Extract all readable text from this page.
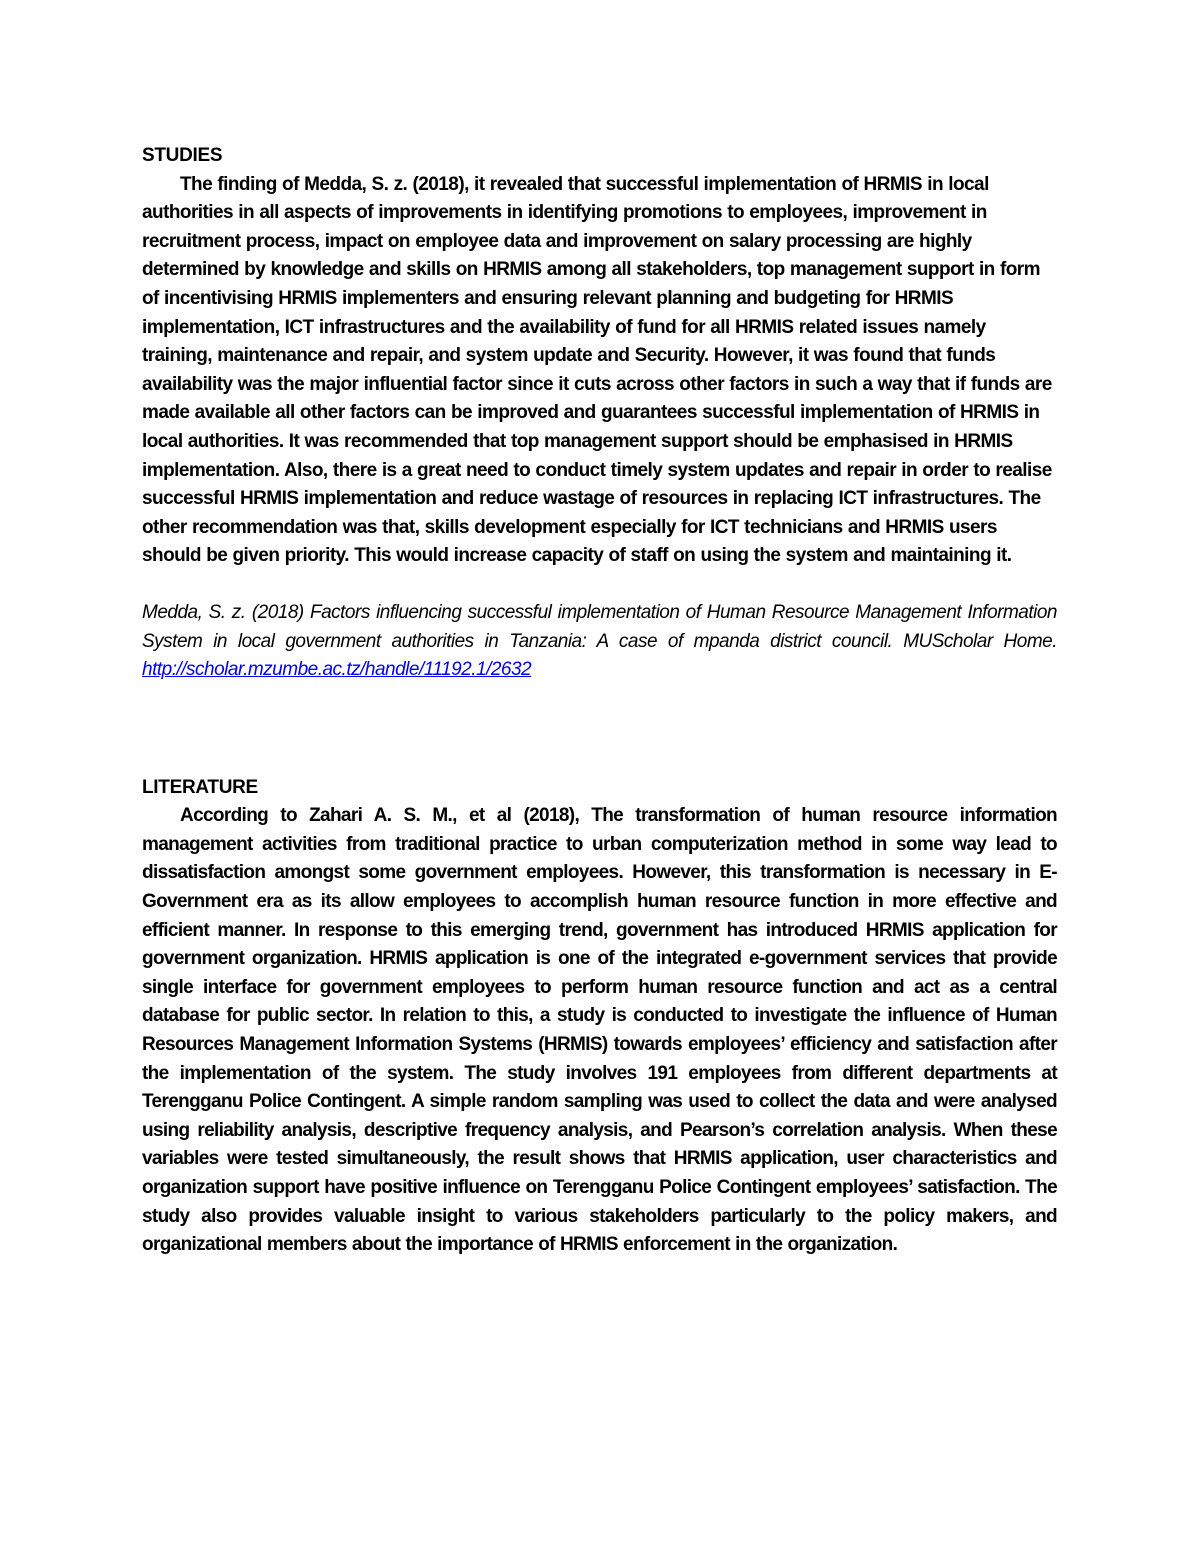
STUDIES

The finding of Medda, S. z. (2018), it revealed that successful implementation of HRMIS in local authorities in all aspects of improvements in identifying promotions to employees, improvement in recruitment process, impact on employee data and improvement on salary processing are highly determined by knowledge and skills on HRMIS among all stakeholders, top management support in form of incentivising HRMIS implementers and ensuring relevant planning and budgeting for HRMIS implementation, ICT infrastructures and the availability of fund for all HRMIS related issues namely training, maintenance and repair, and system update and Security. However, it was found that funds availability was the major influential factor since it cuts across other factors in such a way that if funds are made available all other factors can be improved and guarantees successful implementation of HRMIS in local authorities. It was recommended that top management support should be emphasised in HRMIS implementation. Also, there is a great need to conduct timely system updates and repair in order to realise successful HRMIS implementation and reduce wastage of resources in replacing ICT infrastructures. The other recommendation was that, skills development especially for ICT technicians and HRMIS users should be given priority. This would increase capacity of staff on using the system and maintaining it.

Medda, S. z. (2018) Factors influencing successful implementation of Human Resource Management Information System in local government authorities in Tanzania: A case of mpanda district council. MUScholar Home. http://scholar.mzumbe.ac.tz/handle/11192.1/2632

LITERATURE

According to Zahari A. S. M., et al (2018), The transformation of human resource information management activities from traditional practice to urban computerization method in some way lead to dissatisfaction amongst some government employees. However, this transformation is necessary in E-Government era as its allow employees to accomplish human resource function in more effective and efficient manner. In response to this emerging trend, government has introduced HRMIS application for government organization. HRMIS application is one of the integrated e-government services that provide single interface for government employees to perform human resource function and act as a central database for public sector. In relation to this, a study is conducted to investigate the influence of Human Resources Management Information Systems (HRMIS) towards employees’ efficiency and satisfaction after the implementation of the system. The study involves 191 employees from different departments at Terengganu Police Contingent. A simple random sampling was used to collect the data and were analysed using reliability analysis, descriptive frequency analysis, and Pearson’s correlation analysis. When these variables were tested simultaneously, the result shows that HRMIS application, user characteristics and organization support have positive influence on Terengganu Police Contingent employees’ satisfaction. The study also provides valuable insight to various stakeholders particularly to the policy makers, and organizational members about the importance of HRMIS enforcement in the organization.
